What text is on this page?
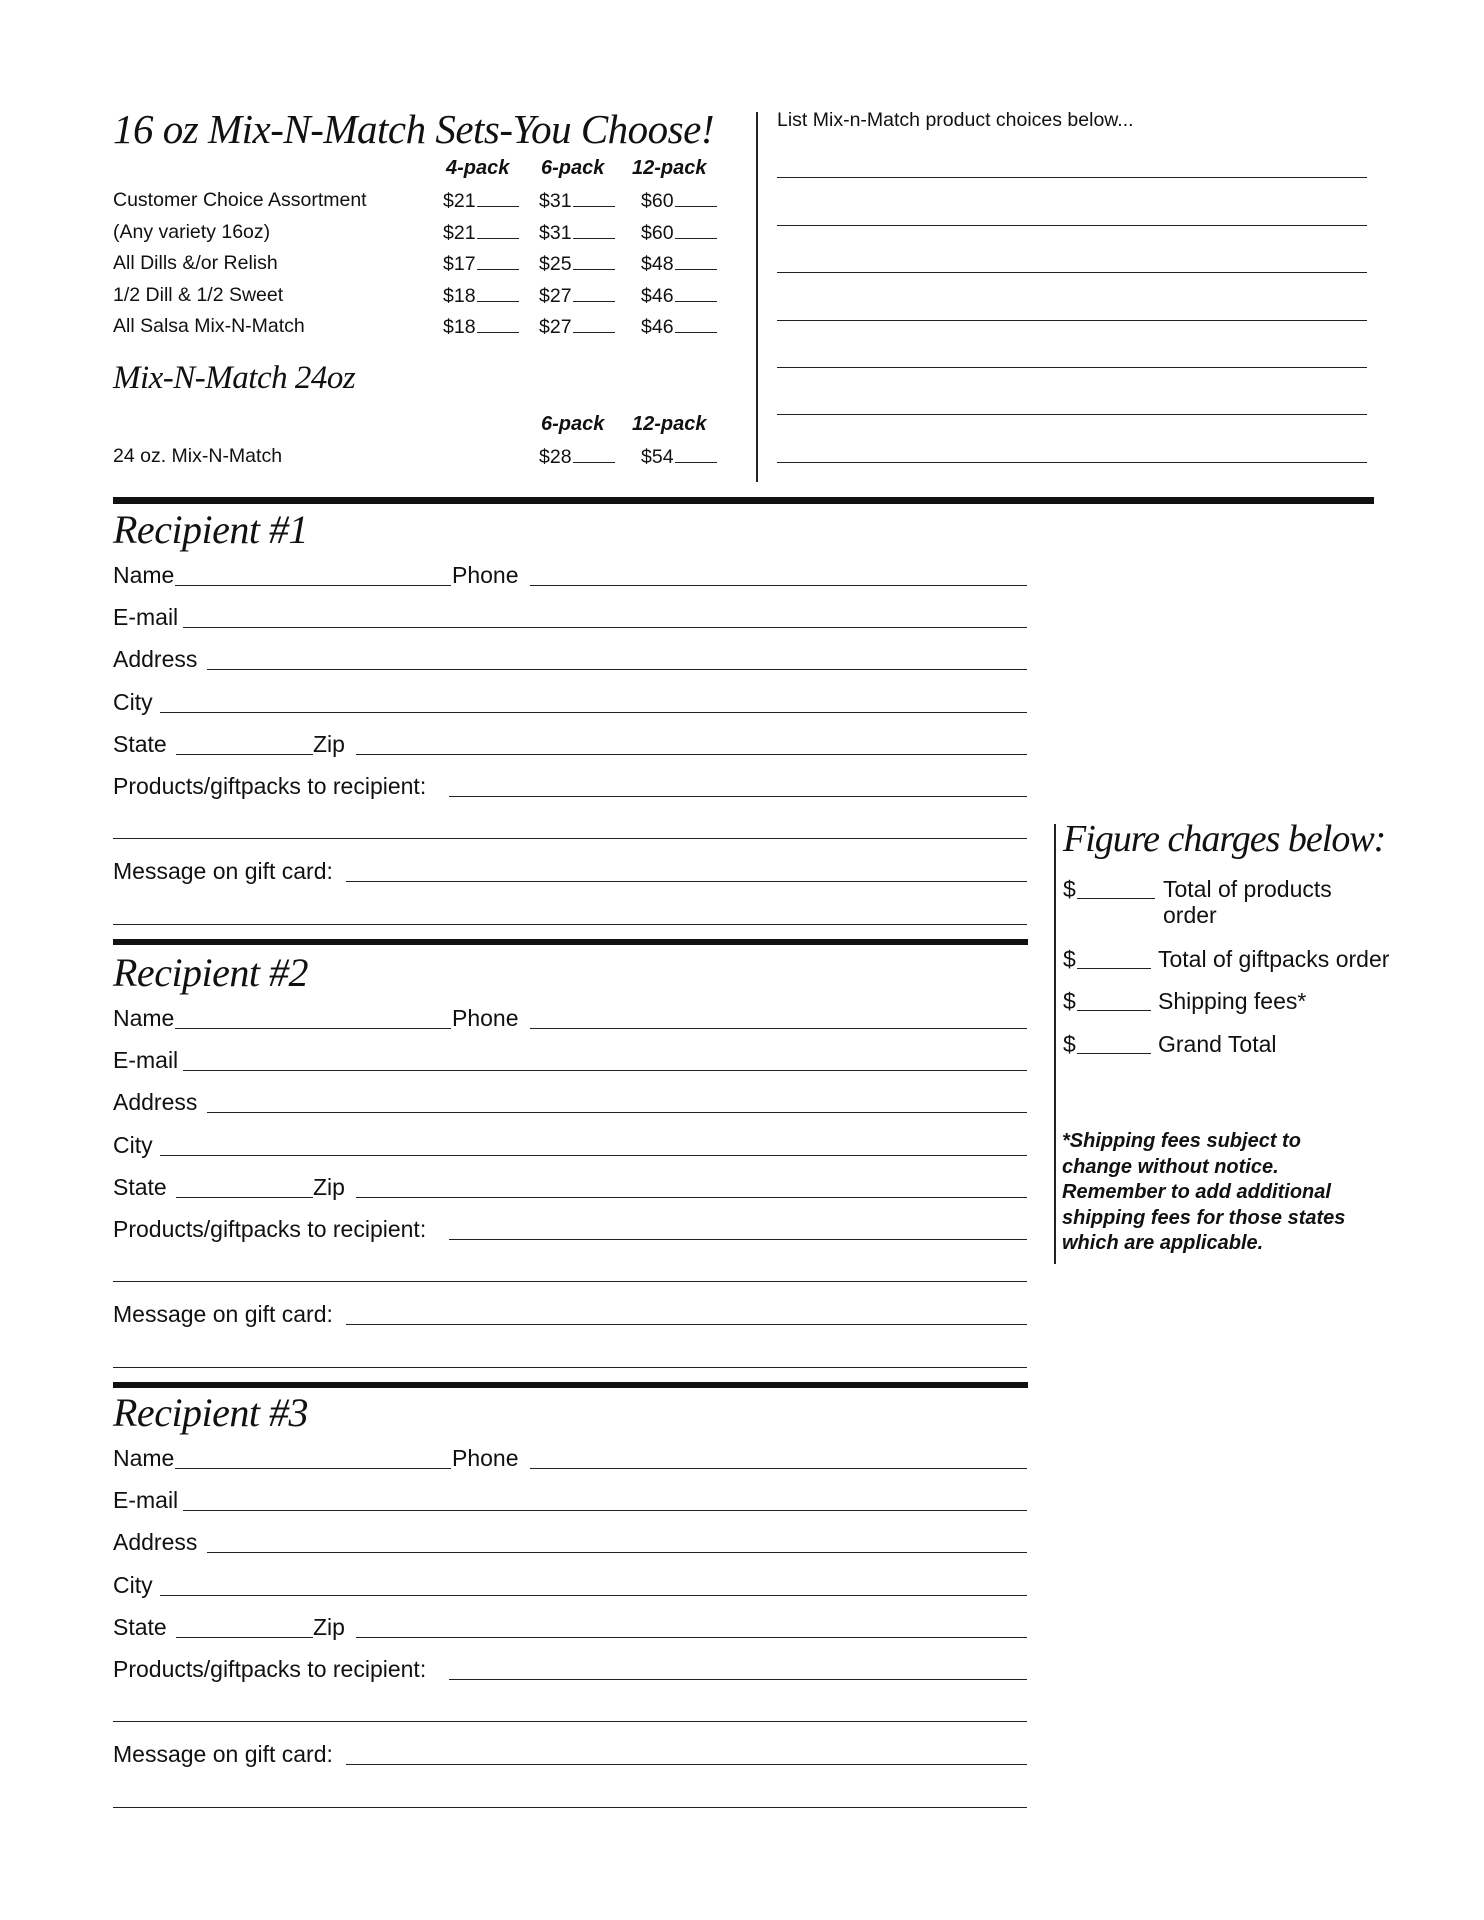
16 oz Mix-N-Match Sets-You Choose!
4-pack 6-pack 12-pack
Customer Choice Assortment	$21	$31	$60
(Any variety 16oz)	$21	$31	$60
All Dills &/or Relish	$17	$25	$48
1/2 Dill & 1/2 Sweet	$18	$27	$46
All Salsa Mix-N-Match	$18	$27	$46
Mix-N-Match 24oz
6-pack 12-pack
24 oz. Mix-N-Match	$28	$54
List Mix-n-Match product choices below...
Recipient #1
Name	Phone
E-mail
Address
City
State	Zip
Products/giftpacks to recipient:
Message on gift card:
Recipient #2
Name	Phone
E-mail
Address
City
State	Zip
Products/giftpacks to recipient:
Message on gift card:
Recipient #3
Name	Phone
E-mail
Address
City
State	Zip
Products/giftpacks to recipient:
Message on gift card:
Figure charges below:
$	Total of products
order
$	Total of giftpacks order
$	Shipping fees*
$	Grand Total
*Shipping fees subject to
change without notice.
Remember to add additional
shipping fees for those states
which are applicable.
